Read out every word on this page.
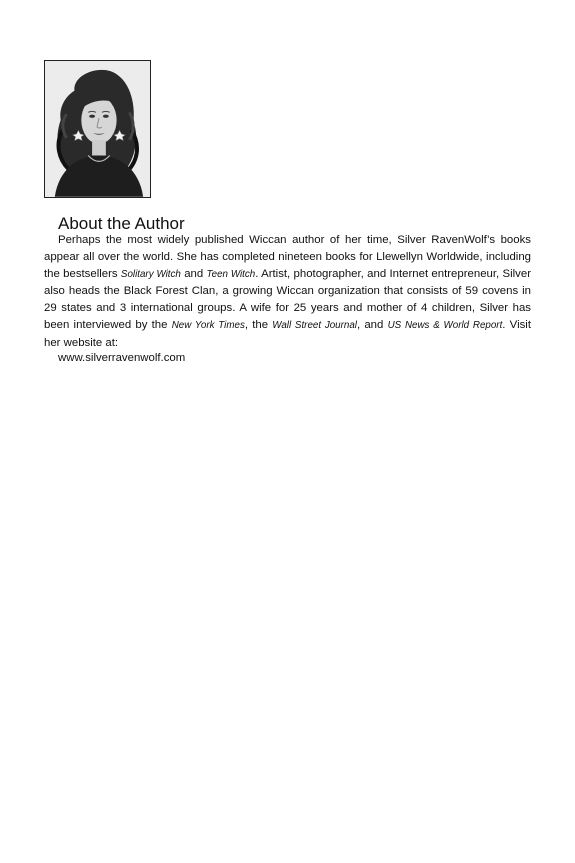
About the Author

Perhaps the most widely published Wiccan author of her time, Silver RavenWolf’s books appear all over the world. She has completed nineteen books for Llewellyn Worldwide, including the bestsellers Solitary Witch and Teen Witch. Artist, photographer, and Internet entrepreneur, Silver also heads the Black Forest Clan, a growing Wiccan organization that consists of 59 covens in 29 states and 3 international groups. A wife for 25 years and mother of 4 children, Silver has been interviewed by the New York Times, the Wall Street Journal, and US News & World Report. Visit her website at:

www.silverravenwolf.com
